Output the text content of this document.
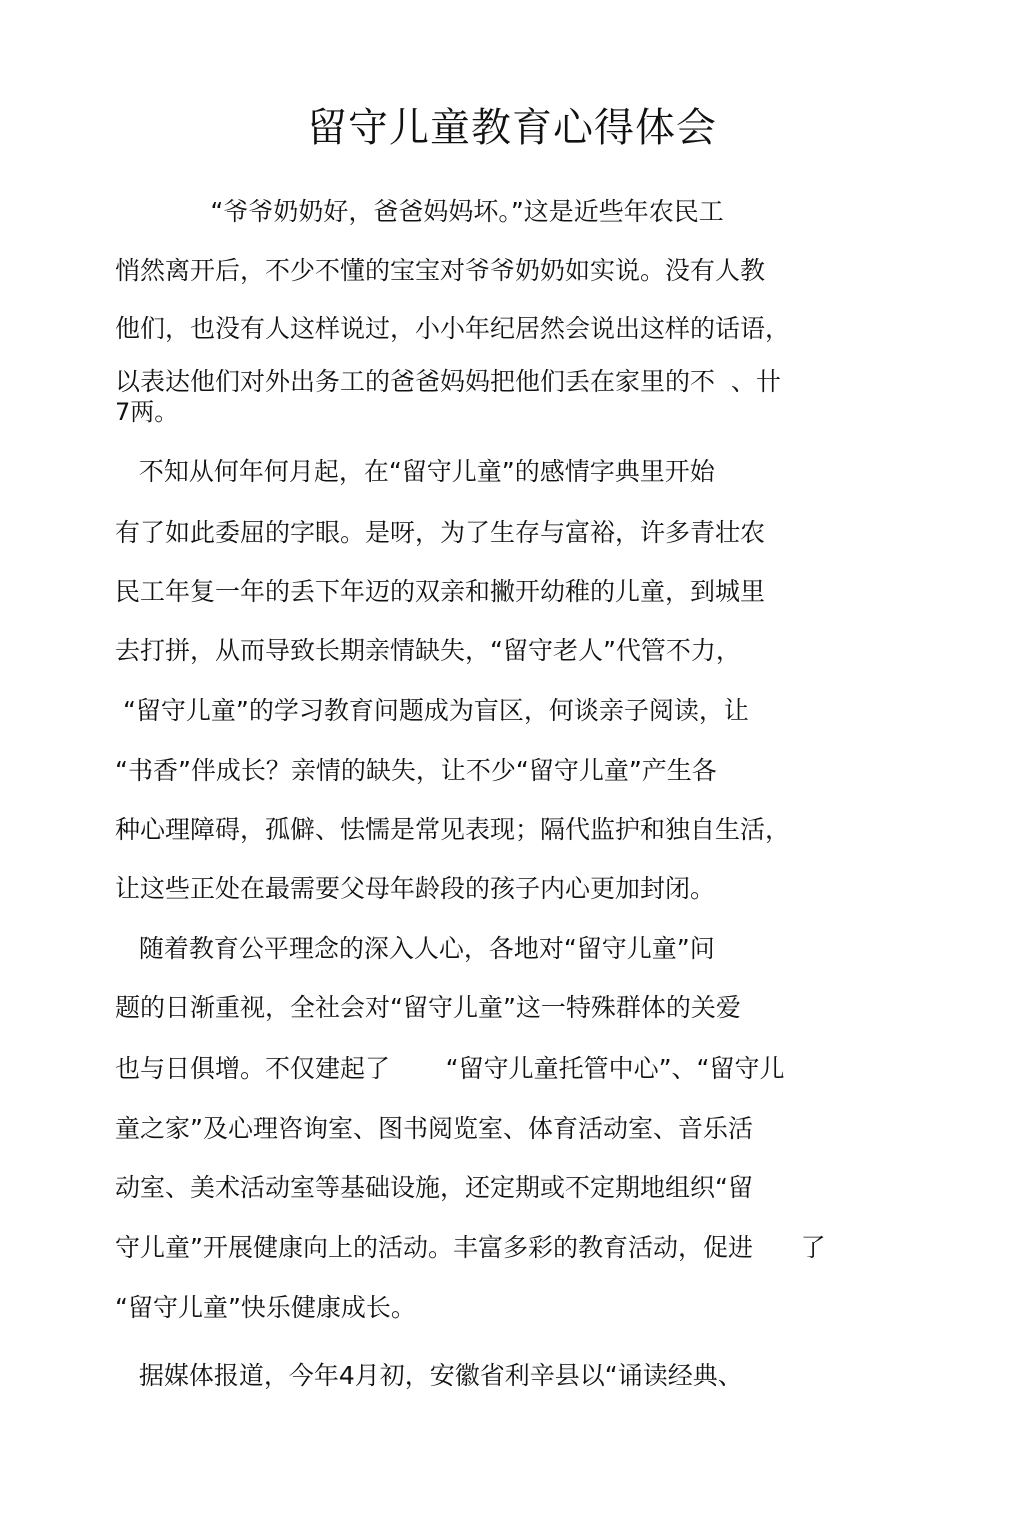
留守儿童教育心得体会

“爷爷奶奶好，爸爸妈妈坏。”这是近些年农民工

悄然离开后，不少不懂的宝宝对爷爷奶奶如实说。没有人教

他们，也没有人这样说过，小小年纪居然会说出这样的话语，

以表达他们对外出务工的爸爸妈妈把他们丢在家里的不  、卄

7两。

不知从何年何月起，在“留守儿童”的感情字典里开始

有了如此委屈的字眼。是呀，为了生存与富裕，许多青壮农

民工年复一年的丢下年迈的双亲和撇开幼稚的儿童，到城里

去打拼，从而导致长期亲情缺失，“留守老人”代管不力，

“留守儿童”的学习教育问题成为盲区，何谈亲子阅读，让

“书香”伴成长？亲情的缺失，让不少“留守儿童”产生各

种心理障碍，孤僻、怯懦是常见表现；隔代监护和独自生活，

让这些正处在最需要父母年龄段的孩子内心更加封闭。

随着教育公平理念的深入人心，各地对“留守儿童”问

题的日渐重视，全社会对“留守儿童”这一特殊群体的关爱

也与日俱增。不仅建起了       “留守儿童托管中心”、“留守儿

童之家”及心理咨询室、图书阅览室、体育活动室、音乐活

动室、美术活动室等基础设施，还定期或不定期地组织“留

守儿童”开展健康向上的活动。丰富多彩的教育活动，促进      了

“留守儿童”快乐健康成长。

据媒体报道，今年4月初，安徽省利辛县以“诵读经典、
